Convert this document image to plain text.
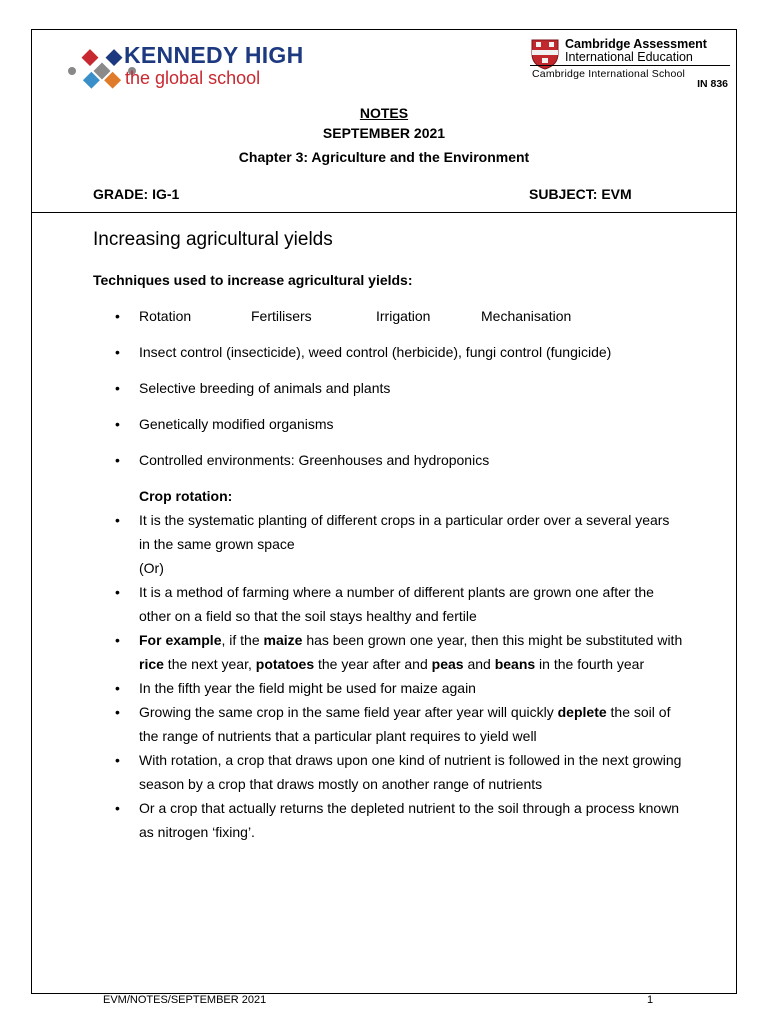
KENNEDY HIGH
the global school
Cambridge Assessment
International Education
Cambridge International School
IN 836
NOTES
SEPTEMBER 2021
Chapter 3: Agriculture and the Environment
GRADE: IG-1	SUBJECT: EVM
Increasing agricultural yields
Techniques used to increase agricultural yields:
• Rotation	Fertilisers	Irrigation	Mechanisation
• Insect control (insecticide), weed control (herbicide), fungi control (fungicide)
• Selective breeding of animals and plants
• Genetically modified organisms
• Controlled environments: Greenhouses and hydroponics
Crop rotation:
• It is the systematic planting of different crops in a particular order over a several years in the same grown space
(Or)
• It is a method of farming where a number of different plants are grown one after the other on a field so that the soil stays healthy and fertile
• For example, if the maize has been grown one year, then this might be substituted with rice the next year, potatoes the year after and peas and beans in the fourth year
• In the fifth year the field might be used for maize again
• Growing the same crop in the same field year after year will quickly deplete the soil of the range of nutrients that a particular plant requires to yield well
• With rotation, a crop that draws upon one kind of nutrient is followed in the next growing season by a crop that draws mostly on another range of nutrients
• Or a crop that actually returns the depleted nutrient to the soil through a process known as nitrogen ‘fixing’.
EVM/NOTES/SEPTEMBER 2021	1
